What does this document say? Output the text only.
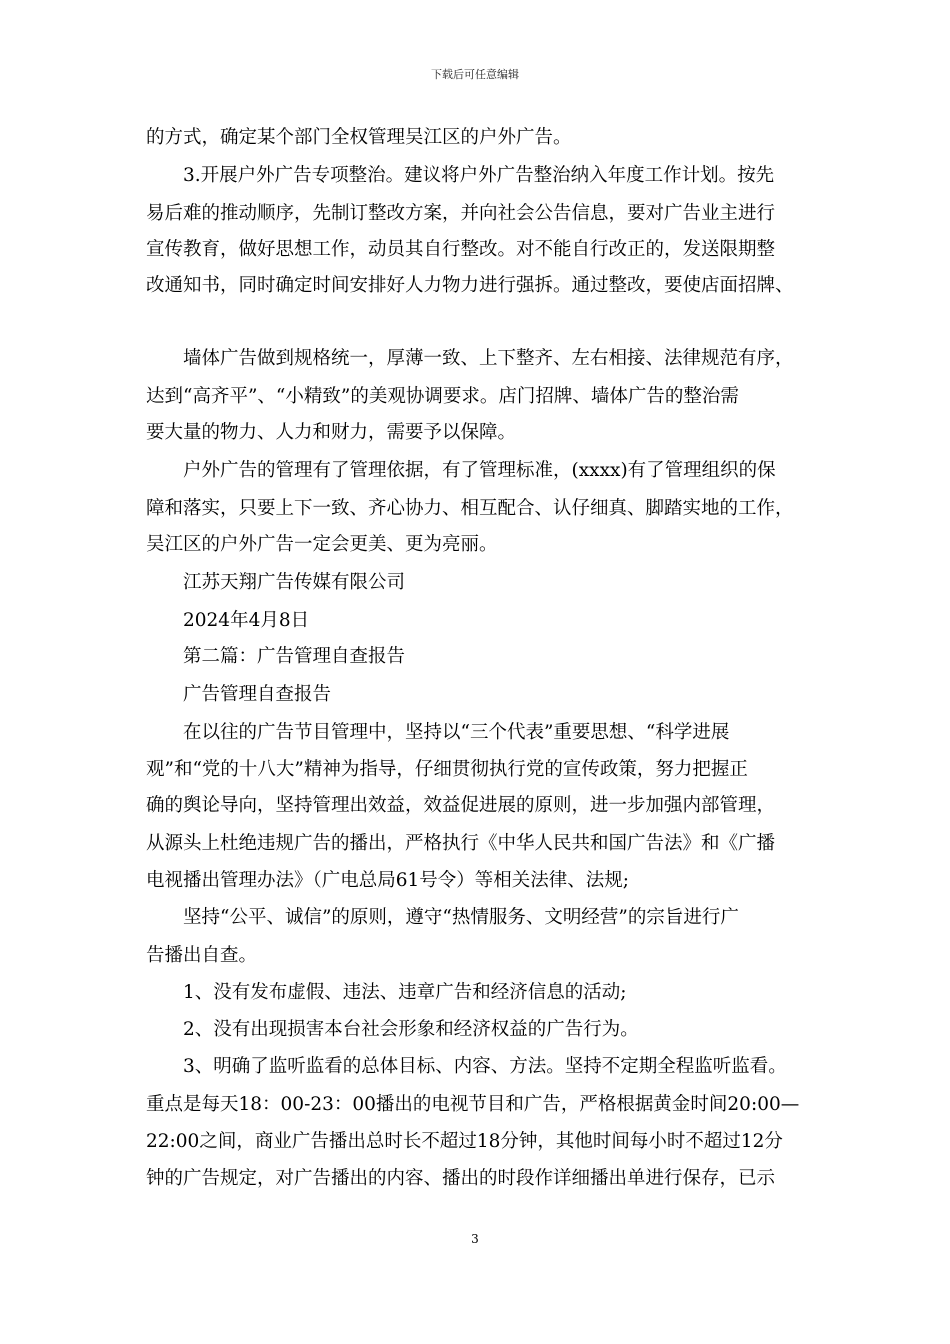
下载后可任意编辑
的方式，确定某个部门全权管理吴江区的户外广告。
3.开展户外广告专项整治。建议将户外广告整治纳入年度工作计划。按先
易后难的推动顺序，先制订整改方案，并向社会公告信息，要对广告业主进行
宣传教育，做好思想工作，动员其自行整改。对不能自行改正的，发送限期整
改通知书，同时确定时间安排好人力物力进行强拆。通过整改，要使店面招牌、
墙体广告做到规格统一，厚薄一致、上下整齐、左右相接、法律规范有序，
达到“高齐平”、“小精致”的美观协调要求。店门招牌、墙体广告的整治需
要大量的物力、人力和财力，需要予以保障。
户外广告的管理有了管理依据，有了管理标准，(xxxx)有了管理组织的保
障和落实，只要上下一致、齐心协力、相互配合、认仔细真、脚踏实地的工作，
吴江区的户外广告一定会更美、更为亮丽。
江苏天翔广告传媒有限公司
2024年4月8日
第二篇：广告管理自查报告
广告管理自查报告
在以往的广告节目管理中，坚持以“三个代表”重要思想、“科学进展
观”和“党的十八大”精神为指导，仔细贯彻执行党的宣传政策，努力把握正
确的舆论导向，坚持管理出效益，效益促进展的原则，进一步加强内部管理，
从源头上杜绝违规广告的播出，严格执行《中华人民共和国广告法》和《广播
电视播出管理办法》（广电总局61号令）等相关法律、法规;
坚持“公平、诚信”的原则，遵守“热情服务、文明经营”的宗旨进行广
告播出自查。
1、没有发布虚假、违法、违章广告和经济信息的活动;
2、没有出现损害本台社会形象和经济权益的广告行为。
3、明确了监听监看的总体目标、内容、方法。坚持不定期全程监听监看。
重点是每天18：00-23：00播出的电视节目和广告，严格根据黄金时间20:00—
22:00之间，商业广告播出总时长不超过18分钟，其他时间每小时不超过12分
钟的广告规定，对广告播出的内容、播出的时段作详细播出单进行保存，已示
3
